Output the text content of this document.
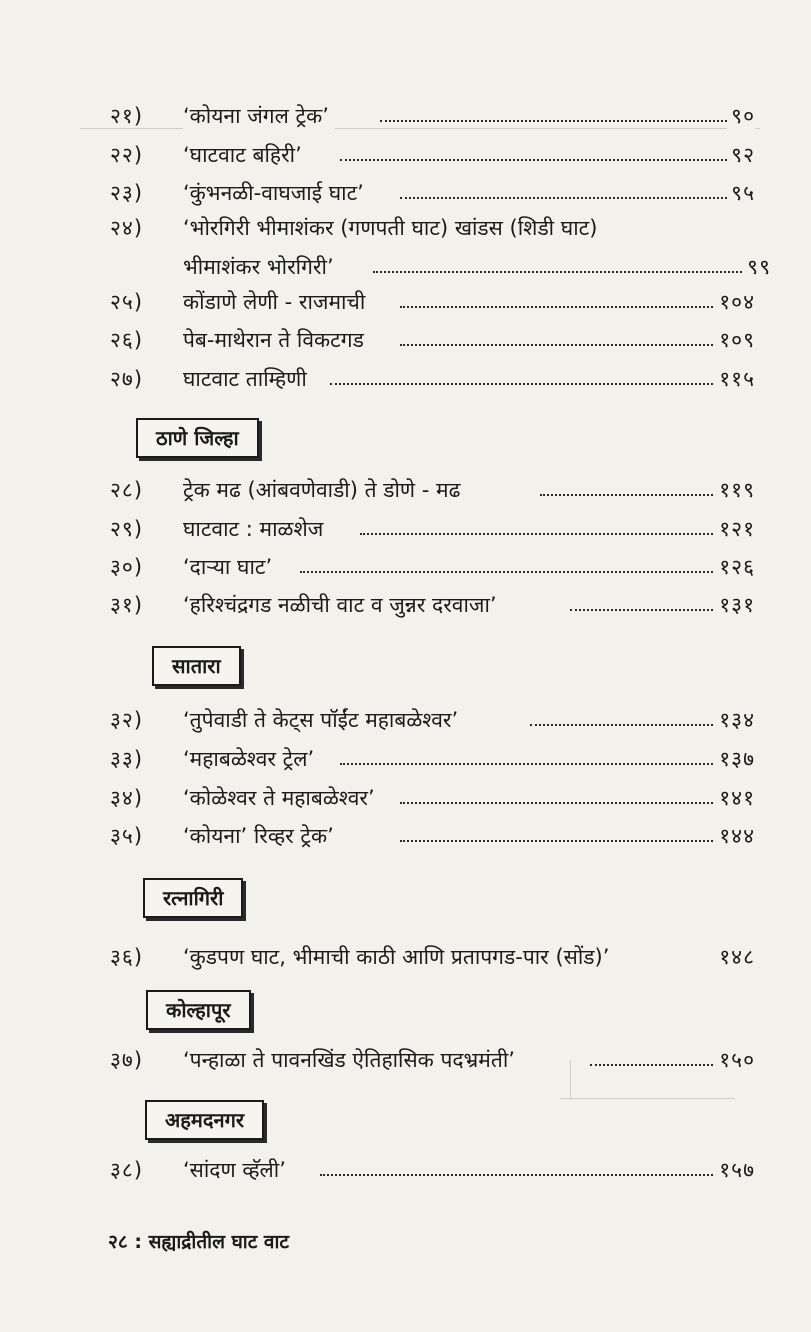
२१)	‘कोयना जंगल ट्रेक’	९०
२२)	‘घाटवाट बहिरी’	९२
२३)	‘कुंभनळी-वाघजाई घाट’	९५
२४)	‘भोरगिरी भीमाशंकर (गणपती घाट) खांडस (शिडी घाट)
भीमाशंकर भोरगिरी’	९९
२५)	कोंडाणे लेणी - राजमाची	१०४
२६)	पेब-माथेरान ते विकटगड	१०९
२७)	घाटवाट ताम्हिणी	११५
ठाणे जिल्हा
२८)	ट्रेक मढ (आंबवणेवाडी) ते डोणे - मढ	११९
२९)	घाटवाट : माळशेज	१२१
३०)	‘दाऱ्या घाट’	१२६
३१)	‘हरिश्चंद्रगड नळीची वाट व जुन्नर दरवाजा’	१३१
सातारा
३२)	‘तुपेवाडी ते केट्स पॉईंट महाबळेश्वर’	१३४
३३)	‘महाबळेश्वर ट्रेल’	१३७
३४)	‘कोळेश्वर ते महाबळेश्वर’	१४१
३५)	‘कोयना’ रिव्हर ट्रेक’	१४४
रत्नागिरी
३६)	‘कुडपण घाट, भीमाची काठी आणि प्रतापगड-पार (सोंड)’	१४८
कोल्हापूर
३७)	‘पन्हाळा ते पावनखिंड ऐतिहासिक पदभ्रमंती’	१५०
अहमदनगर
३८)	‘सांदण व्हॅली’	१५७
२८ : सह्याद्रीतील घाट वाट
